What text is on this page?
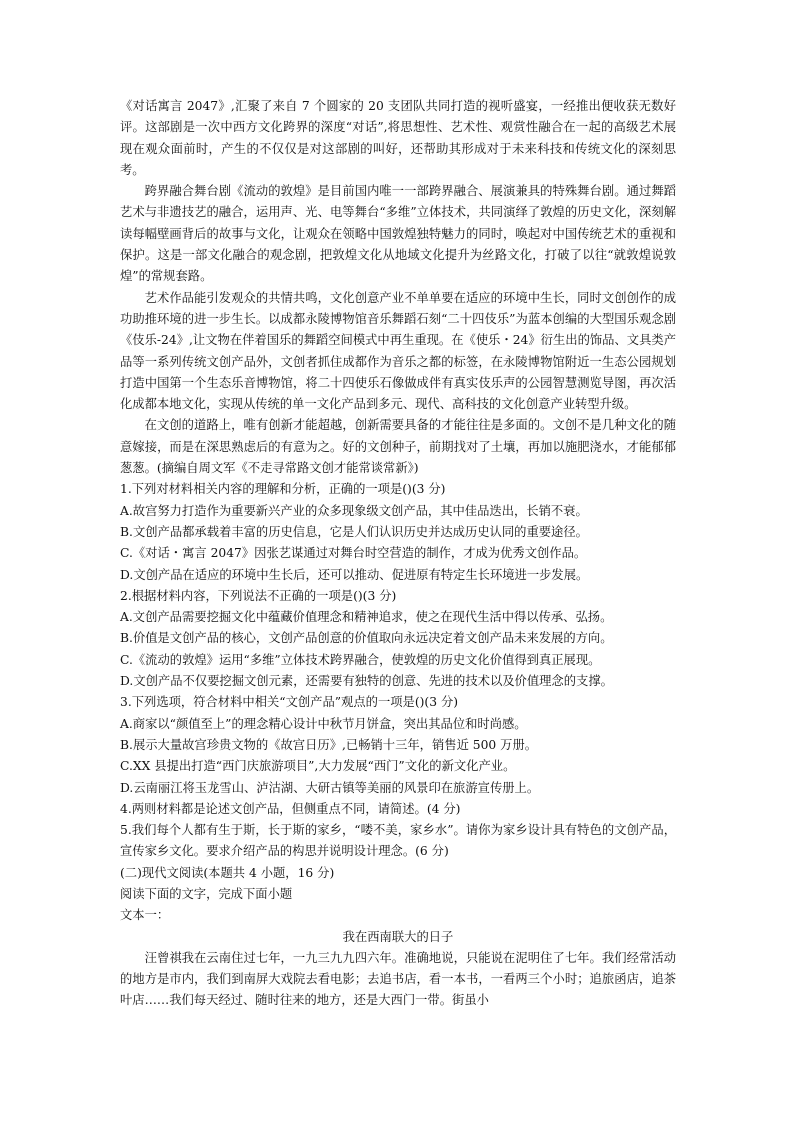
《对话寓言 2047》,汇聚了来自 7 个圆家的 20 支团队共同打造的视听盛宴，一经推出便收获无数好评。这部剧是一次中西方文化跨界的深度“对话”,将思想性、艺术性、观赏性融合在一起的高级艺术展现在观众面前时，产生的不仅仅是对这部剧的叫好，还帮助其形成对于未来科技和传统文化的深刻思考。

跨界融合舞台剧《流动的敦煌》是目前国内唯一一部跨界融合、展演兼具的特殊舞台剧。通过舞蹈艺术与非遗技艺的融合，运用声、光、电等舞台“多维”立体技术，共同演绎了敦煌的历史文化，深刻解读每幅壁画背后的故事与文化，让观众在领略中国敦煌独特魅力的同时，唤起对中国传统艺术的重视和保护。这是一部文化融合的观念剧，把敦煌文化从地域文化提升为丝路文化，打破了以往“就敦煌说敦煌”的常规套路。

艺术作品能引发观众的共情共鸣，文化创意产业不单单要在适应的环境中生长，同时文创创作的成功助推环境的进一步生长。以成都永陵博物馆音乐舞蹈石刻“二十四伎乐”为蓝本创编的大型国乐观念剧《伎乐-24》,让文物在伴着国乐的舞蹈空间模式中再生重现。在《使乐・24》衍生出的饰品、文具类产品等一系列传统文创产品外，文创者抓住成都作为音乐之都的标签，在永陵博物馆附近一生态公园规划打造中国第一个生态乐音博物馆，将二十四使乐石像做成伴有真实伎乐声的公园智慧测览导图，再次活化成都本地文化，实现从传统的单一文化产品到多元、现代、高科技的文化创意产业转型升级。

在文创的道路上，唯有创新才能超越，创新需要具备的才能往往是多面的。文创不是几种文化的随意嫁接，而是在深思熟虑后的有意为之。好的文创种子，前期找对了土壤，再加以施肥浇水，才能郁郁葱葱。(摘编自周文军《不走寻常路文创才能常谈常新》)

1.下列对材料相关内容的理解和分析，正确的一项是()(3 分)

A.故宫努力打造作为重要新兴产业的众多现象级文创产品，其中佳品迭出，长销不衰。

B.文创产品都承载着丰富的历史信息，它是人们认识历史并达成历史认同的重要途径。

C.《对话・寓言 2047》因张艺谋通过对舞台时空营造的制作，才成为优秀文创作品。

D.文创产品在适应的环境中生长后，还可以推动、促进原有特定生长环境进一步发展。

2.根据材料内容，下列说法不正确的一项是()(3 分)

A.文创产品需要挖掘文化中蕴藏价值理念和精神追求，使之在现代生活中得以传承、弘扬。

B.价值是文创产品的核心，文创产品创意的价值取向永远决定着文创产品未来发展的方向。

C.《流动的敦煌》运用“多维”立体技术跨界融合，使敦煌的历史文化价值得到真正展现。

D.文创产品不仅要挖掘文创元素，还需要有独特的创意、先进的技术以及价值理念的支撑。

3.下列选项，符合材料中相关“文创产品”观点的一项是()(3 分)

A.商家以“颜值至上”的理念精心设计中秋节月饼盒，突出其品位和时尚感。

B.展示大量故宫珍贵文物的《故宫日历》,已畅销十三年，销售近 500 万册。

C.XX 县提出打造“西门庆旅游项目”,大力发展“西门”文化的新文化产业。

D.云南丽江将玉龙雪山、泸沽湖、大研古镇等美丽的风景印在旅游宣传册上。

4.两则材料都是论述文创产品，但侧重点不同，请简述。(4 分)

5.我们每个人都有生于斯，长于斯的家乡，“喽不美，家乡水”。请你为家乡设计具有特色的文创产品，宣传家乡文化。要求介绍产品的构思并说明设计理念。(6 分)

(二)现代文阅读(本题共 4 小题，16 分)

阅读下面的文字，完成下面小题

文本一：

我在西南联大的日子

汪曾祺我在云南住过七年，一九三九九四六年。准确地说，只能说在泥明住了七年。我们经常活动的地方是市内，我们到南屏大戏院去看电影；去追书店，看一本书，一看两三个小时；追旅函店，追茶叶店……我们每天经过、随时往来的地方，还是大西门一带。街虽小
